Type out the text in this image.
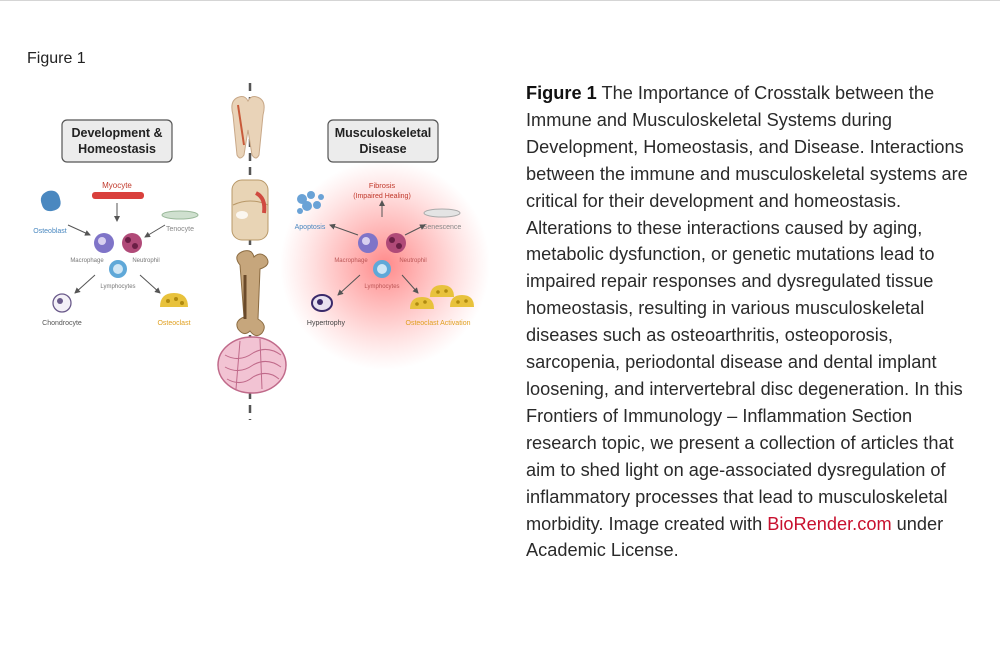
Figure 1
Development &
Homeostasis
Myocyte
Osteoblast	Tenocyte
Macrophage	Neutrophil
Lymphocytes
Chondrocyte	Osteoclast
Musculoskeletal
Disease
Fibrosis
(Impaired Healing)
Apoptosis	Senescence
Macrophage	Neutrophil
Lymphocytes
Hypertrophy	Osteoclast Activation
Figure 1 The Importance of Crosstalk between the Immune and Musculoskeletal Systems during Development, Homeostasis, and Disease. Interactions between the immune and musculoskeletal systems are critical for their development and homeostasis. Alterations to these interactions caused by aging, metabolic dysfunction, or genetic mutations lead to impaired repair responses and dysregulated tissue homeostasis, resulting in various musculoskeletal diseases such as osteoarthritis, osteoporosis, sarcopenia, periodontal disease and dental implant loosening, and intervertebral disc degeneration. In this Frontiers of Immunology – Inflammation Section research topic, we present a collection of articles that aim to shed light on age-associated dysregulation of inflammatory processes that lead to musculoskeletal morbidity. Image created with BioRender.com under Academic License.
